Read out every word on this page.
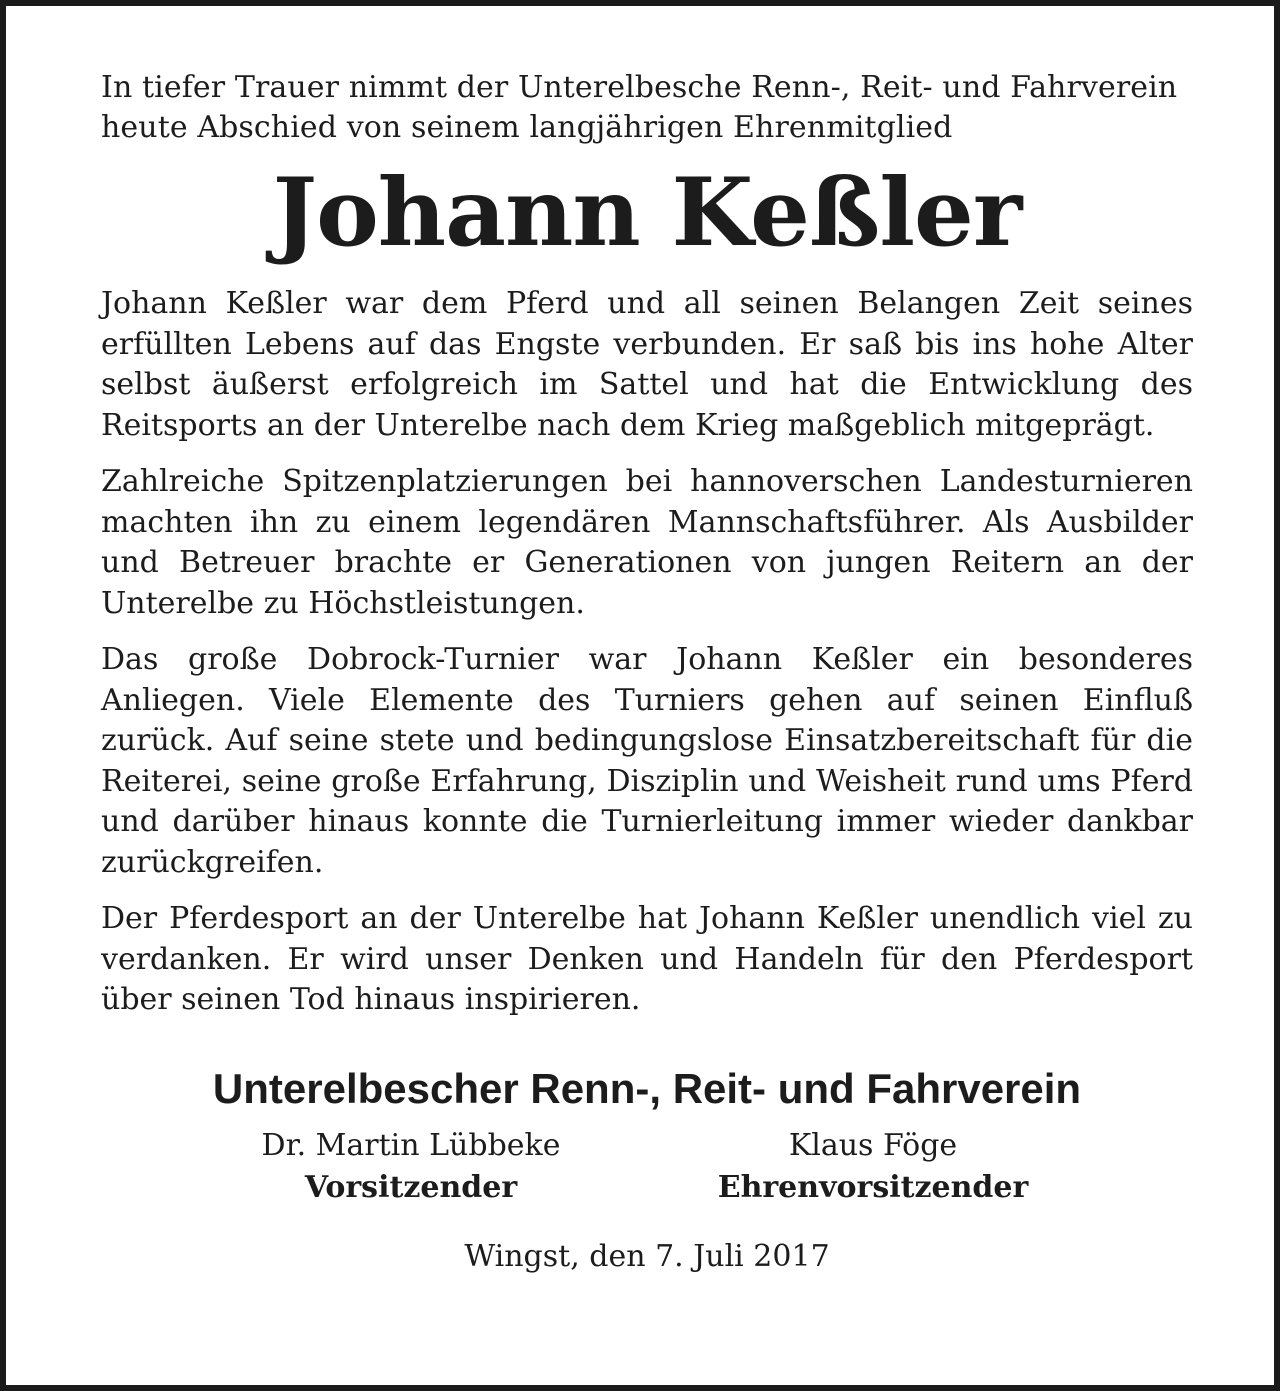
In tiefer Trauer nimmt der Unterelbesche Renn-, Reit- und Fahrverein heute Abschied von seinem langjährigen Ehrenmitglied

Johann Keßler

Johann Keßler war dem Pferd und all seinen Belangen Zeit seines erfüllten Lebens auf das Engste verbunden. Er saß bis ins hohe Alter selbst äußerst erfolgreich im Sattel und hat die Entwicklung des Reitsports an der Unterelbe nach dem Krieg maßgeblich mitgeprägt.

Zahlreiche Spitzenplatzierungen bei hannoverschen Landesturnieren machten ihn zu einem legendären Mannschaftsführer. Als Ausbilder und Betreuer brachte er Generationen von jungen Reitern an der Unterelbe zu Höchstleistungen.

Das große Dobrock-Turnier war Johann Keßler ein besonderes Anliegen. Viele Elemente des Turniers gehen auf seinen Einfluß zurück. Auf seine stete und bedingungslose Einsatzbereitschaft für die Reiterei, seine große Erfahrung, Disziplin und Weisheit rund ums Pferd und darüber hinaus konnte die Turnierleitung immer wieder dankbar zurückgreifen.

Der Pferdesport an der Unterelbe hat Johann Keßler unendlich viel zu verdanken. Er wird unser Denken und Handeln für den Pferdesport über seinen Tod hinaus inspirieren.

Unterelbescher Renn-, Reit- und Fahrverein
Dr. Martin Lübbeke
Vorsitzender
Klaus Föge
Ehrenvorsitzender
Wingst, den 7. Juli 2017
